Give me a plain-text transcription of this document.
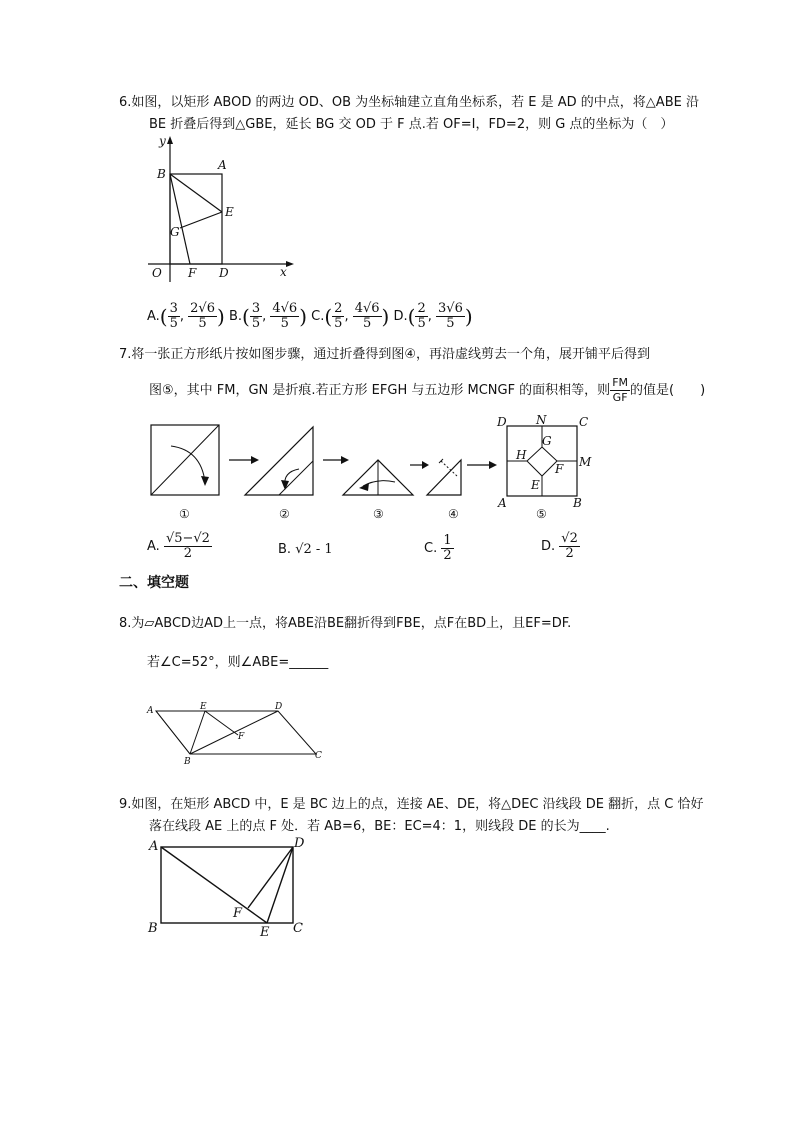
6.如图，以矩形 ABOD 的两边 OD、OB 为坐标轴建立直角坐标系，若 E 是 AD 的中点，将△ABE 沿
BE 折叠后得到△GBE，延长 BG 交 OD 于 F 点.若 OF=I，FD=2，则 G 点的坐标为（　）
y
B
A
E
G
O F D	x
$A.( \frac{3}{5}$ , $\frac{2√6}{5}$ ) $B.( \frac{3}{5}$ , $\frac{4√6}{5}$ ) $C.( \frac{2}{5}$ , $\frac{4√6}{5}$ ) $D.( \frac{2}{5}$ , $\frac{3√6}{5}$ )
7.将一张正方形纸片按如图步骤，通过折叠得到图④，再沿虚线剪去一个角，展开铺平后得到
图⑤，其中 FM，GN 是折痕.若正方形 EFGH 与五边形 MCNGF 的面积相等，则 $\frac{FM}{GF}$ 的值是(　　)
D N	C
G
H
F M
E
A	B
①	②	③	④	⑤
A. $\frac{√5-√2}{2}$	B. √2 - 1	C. $\frac{1}{2}$	D. $\frac{√2}{2}$
二、填空题
8.为▱ABCD边AD上一点，将ABE沿BE翻折得到FBE，点F在BD上，且EF=DF.
若∠C=52°，则∠ABE=______
A	E	D
F
B
C
9.如图，在矩形 ABCD 中，E 是 BC 边上的点，连接 AE、DE，将△DEC 沿线段 DE 翻折，点 C 恰好
落在线段 AE 上的点 F 处．若 AB=6，BE：EC=4：1，则线段 DE 的长为____.
A	D
B	C
E
F
